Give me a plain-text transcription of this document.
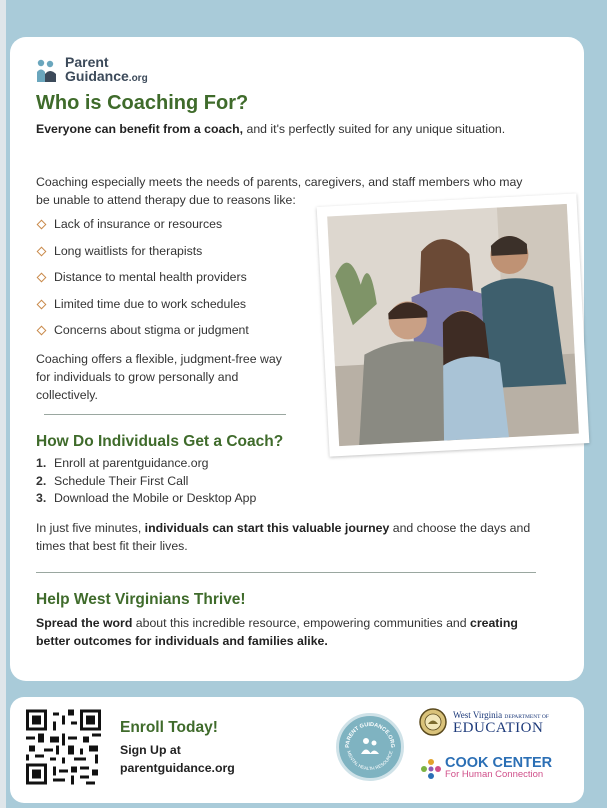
Parent
Guidance.org
Who is Coaching For?

Everyone can benefit from a coach, and it's perfectly suited for any unique situation.

Coaching especially meets the needs of parents, caregivers, and staff members who may be unable to attend therapy due to reasons like:

Lack of insurance or resources
Long waitlists for therapists
Distance to mental health providers
Limited time due to work schedules
Concerns about stigma or judgment

Coaching offers a flexible, judgment-free way for individuals to grow personally and collectively.

How Do Individuals Get a Coach?
1. Enroll at parentguidance.org
2. Schedule Their First Call
3. Download the Mobile or Desktop App

In just five minutes, individuals can start this valuable journey and choose the days and times that best fit their lives.

Help West Virginians Thrive!

Spread the word about this incredible resource, empowering communities and creating better outcomes for individuals and families alike.

Enroll Today!
Sign Up at
parentguidance.org
PARENT GUIDANCE.ORG
MENTAL HEALTH RESOURCE
West Virginia DEPARTMENT OF
EDUCATION
COOK CENTER
For Human Connection
